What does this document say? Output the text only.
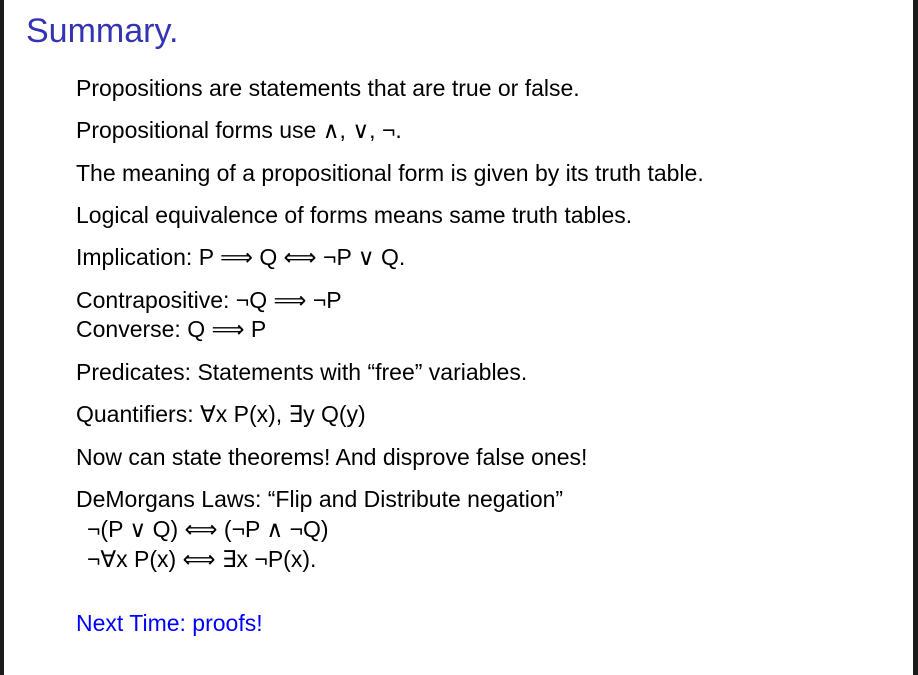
Summary.
Propositions are statements that are true or false.
Propositional forms use ∧, ∨, ¬.
The meaning of a propositional form is given by its truth table.
Logical equivalence of forms means same truth tables.
Implication: P ⟹ Q ⟺ ¬P ∨ Q.
Contrapositive: ¬Q ⟹ ¬P
Converse: Q ⟹ P
Predicates: Statements with “free” variables.
Quantifiers: ∀x P(x), ∃y Q(y)
Now can state theorems! And disprove false ones!
DeMorgans Laws: “Flip and Distribute negation”
¬(P ∨ Q) ⟺ (¬P ∧ ¬Q)
¬∀x P(x) ⟺ ∃x ¬P(x).
Next Time: proofs!
